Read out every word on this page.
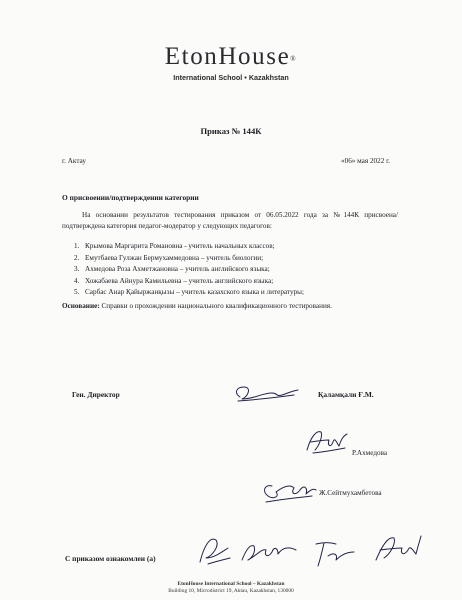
EtonHouse®
International School • Kazakhstan
Приказ № 144К
г. Актау	«06» мая 2022 г.
О присвоении/подтверждении категории
На основании результатов тестирования приказом от 06.05.2022 года за №144К присвоена/подтверждена категория педагог-модератор у следующих педагогов:
1. Крымова Маргарита Романовна - учитель начальных классов;
2. Емутбаева Гулжан Бермухаммедовна – учитель биологии;
3. Ахмедова Роза Ахметжановна – учитель английского языка;
4. Хожабаева Айнура Камильевна – учитель английского языка;
5. Сарбас Анар Қайыржанқызы – учитель казахского языка и литературы;
Основание: Справки о прохождении национального квалификационного тестирования.
Ген. Директор	Қаламқали Ғ.М.
Р.Ахмедова
Ж.Сейтмухамбетова
С приказом ознакомлен (а)
EtonHouse International School – Kazakhstan
Building 10, Microdistrict 19, Aktau, Kazakhstan, 130000
